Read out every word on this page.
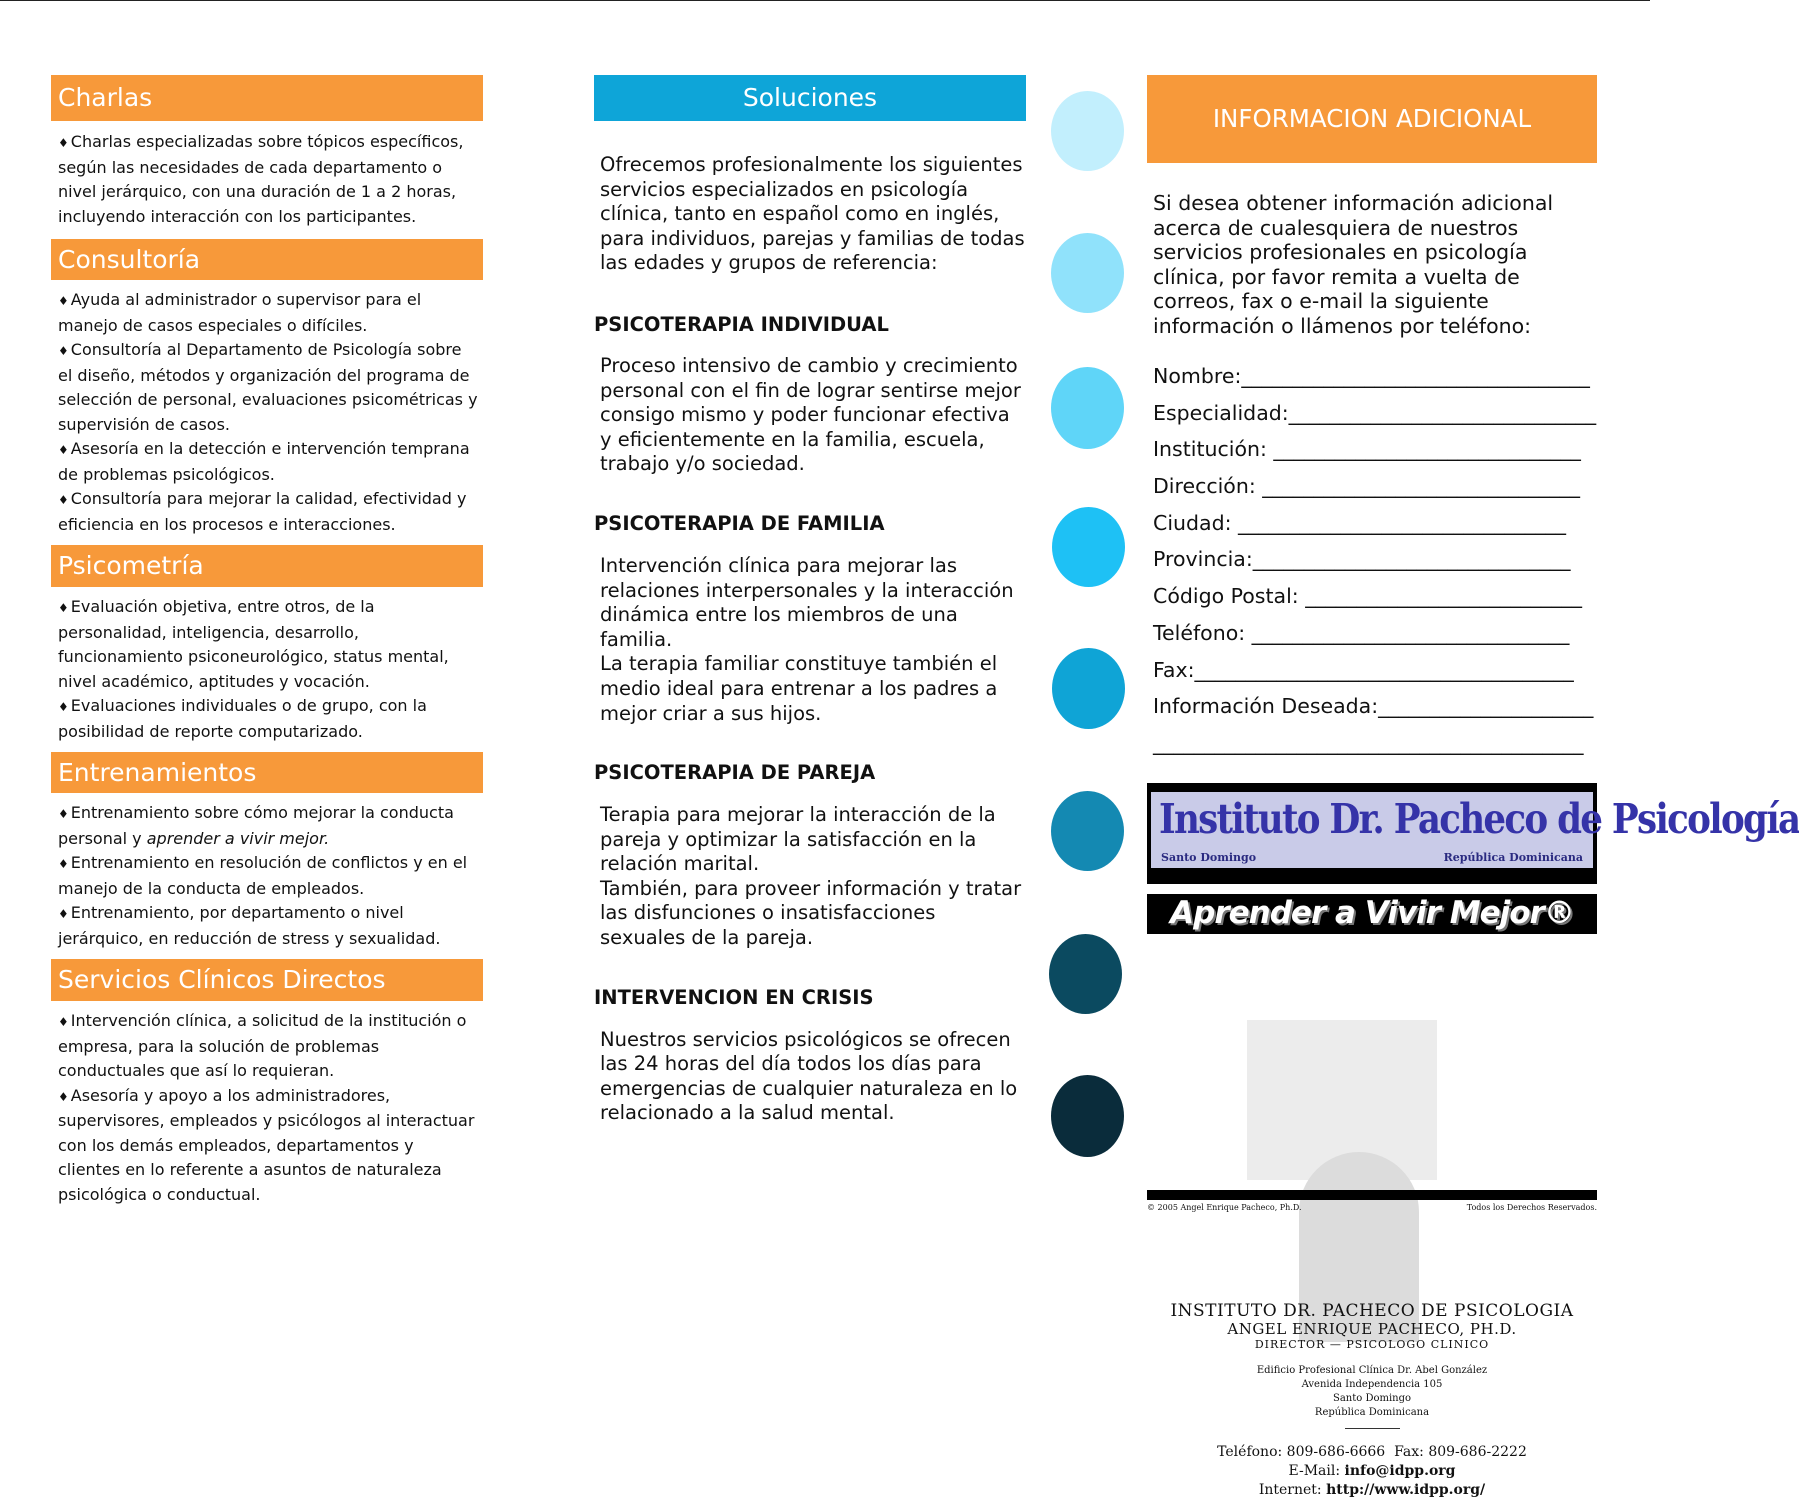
Charlas
♦ Charlas especializadas sobre tópicos específicos, según las necesidades de cada departamento o nivel jerárquico, con una duración de 1 a 2 horas, incluyendo interacción con los participantes.
Consultoría
♦ Ayuda al administrador o supervisor para el manejo de casos especiales o difíciles.
♦ Consultoría al Departamento de Psicología sobre el diseño, métodos y organización del programa de selección de personal, evaluaciones psicométricas y supervisión de casos.
♦ Asesoría en la detección e intervención temprana de problemas psicológicos.
♦ Consultoría para mejorar la calidad, efectividad y eficiencia en los procesos e interacciones.
Psicometría
♦ Evaluación objetiva, entre otros, de la personalidad, inteligencia, desarrollo, funcionamiento psiconeurológico, status mental, nivel académico, aptitudes y vocación.
♦ Evaluaciones individuales o de grupo, con la posibilidad de reporte computarizado.
Entrenamientos
♦ Entrenamiento sobre cómo mejorar la conducta personal y aprender a vivir mejor.
♦ Entrenamiento en resolución de conflictos y en el manejo de la conducta de empleados.
♦ Entrenamiento, por departamento o nivel jerárquico, en reducción de stress y sexualidad.
Servicios Clínicos Directos
♦ Intervención clínica, a solicitud de la institución o empresa, para la solución de problemas conductuales que así lo requieran.
♦ Asesoría y apoyo a los administradores, supervisores, empleados y psicólogos al interactuar con los demás empleados, departamentos y clientes en lo referente a asuntos de naturaleza psicológica o conductual.
Soluciones
Ofrecemos profesionalmente los siguientes servicios especializados en psicología clínica, tanto en español como en inglés, para individuos, parejas y familias de todas las edades y grupos de referencia:
PSICOTERAPIA INDIVIDUAL
Proceso intensivo de cambio y crecimiento personal con el fin de lograr sentirse mejor consigo mismo y poder funcionar efectiva y eficientemente en la familia, escuela, trabajo y/o sociedad.
PSICOTERAPIA DE FAMILIA
Intervención clínica para mejorar las relaciones interpersonales y la interacción dinámica entre los miembros de una familia.
La terapia familiar constituye también el medio ideal para entrenar a los padres a mejor criar a sus hijos.
PSICOTERAPIA DE PAREJA
Terapia para mejorar la interacción de la pareja y optimizar la satisfacción en la relación marital.
También, para proveer información y tratar las disfunciones o insatisfacciones sexuales de la pareja.
INTERVENCION EN CRISIS
Nuestros servicios psicológicos se ofrecen las 24 horas del día todos los días para emergencias de cualquier naturaleza en lo relacionado a la salud mental.
INFORMACION ADICIONAL
Si desea obtener información adicional acerca de cualesquiera de nuestros servicios profesionales en psicología clínica, por favor remita a vuelta de correos, fax o e-mail la siguiente información o llámenos por teléfono:
Nombre:__________________________________
Especialidad:______________________________
Institución: ______________________________
Dirección: _______________________________
Ciudad: ________________________________
Provincia:_______________________________
Código Postal: ___________________________
Teléfono: _______________________________
Fax:_____________________________________
Información Deseada:_____________________
__________________________________________
Instituto Dr. Pacheco de Psicología
Santo Domingo	República Dominicana
Aprender a Vivir Mejor®
INSTITUTO DR. PACHECO DE PSICOLOGIA
ANGEL ENRIQUE PACHECO, PH.D.
DIRECTOR — PSICOLOGO CLINICO
Edificio Profesional Clínica Dr. Abel González
Avenida Independencia 105
Santo Domingo
República Dominicana
Teléfono: 809-686-6666 Fax: 809-686-2222
E-Mail: info@idpp.org
Internet: http://www.idpp.org/
© 2005 Angel Enrique Pacheco, Ph.D.	Todos los Derechos Reservados.
